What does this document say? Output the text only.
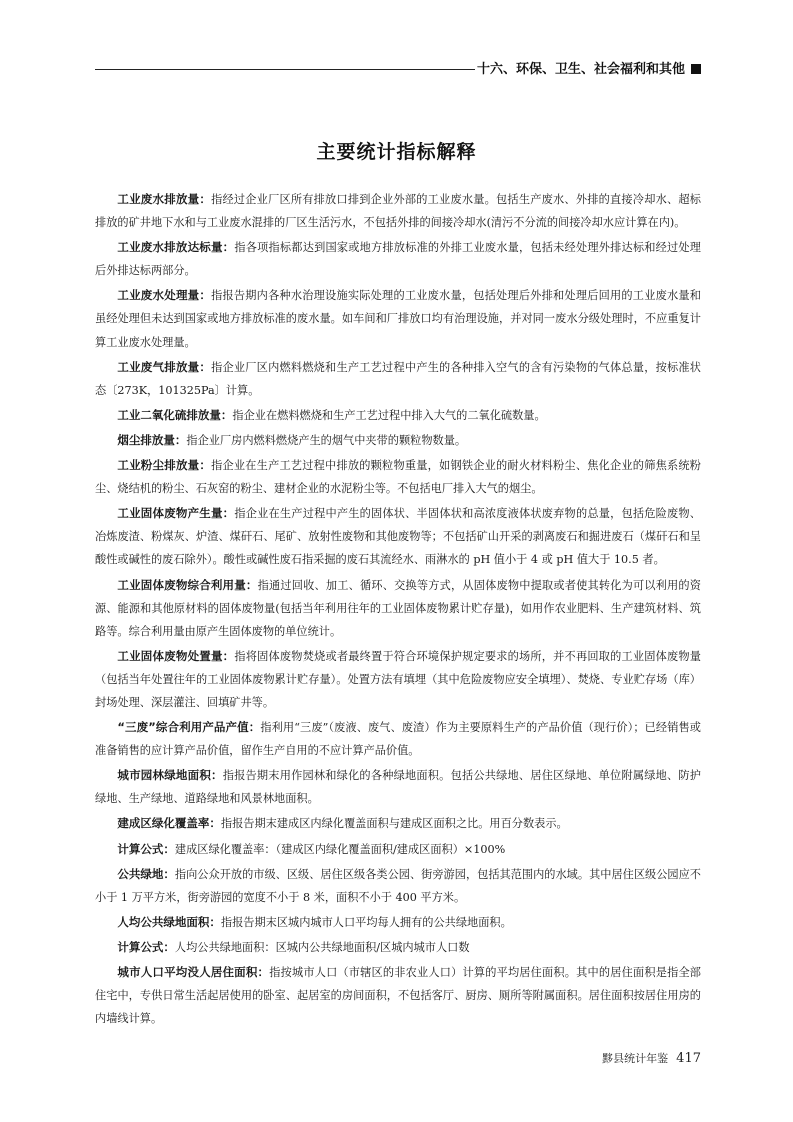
十六、环保、卫生、社会福利和其他
主要统计指标解释

工业废水排放量：指经过企业厂区所有排放口排到企业外部的工业废水量。包括生产废水、外排的直接冷却水、超标排放的矿井地下水和与工业废水混排的厂区生活污水，不包括外排的间接冷却水(清污不分流的间接冷却水应计算在内)。

工业废水排放达标量：指各项指标都达到国家或地方排放标准的外排工业废水量，包括未经处理外排达标和经过处理后外排达标两部分。

工业废水处理量：指报告期内各种水治理设施实际处理的工业废水量，包括处理后外排和处理后回用的工业废水量和虽经处理但未达到国家或地方排放标准的废水量。如车间和厂排放口均有治理设施，并对同一废水分级处理时，不应重复计算工业废水处理量。

工业废气排放量：指企业厂区内燃料燃烧和生产工艺过程中产生的各种排入空气的含有污染物的气体总量，按标准状态〔273K，101325Pa〕计算。

工业二氧化硫排放量：指企业在燃料燃烧和生产工艺过程中排入大气的二氧化硫数量。

烟尘排放量：指企业厂房内燃料燃烧产生的烟气中夹带的颗粒物数量。

工业粉尘排放量：指企业在生产工艺过程中排放的颗粒物重量，如钢铁企业的耐火材料粉尘、焦化企业的筛焦系统粉尘、烧结机的粉尘、石灰窑的粉尘、建材企业的水泥粉尘等。不包括电厂排入大气的烟尘。

工业固体废物产生量：指企业在生产过程中产生的固体状、半固体状和高浓度液体状废弃物的总量，包括危险废物、冶炼废渣、粉煤灰、炉渣、煤矸石、尾矿、放射性废物和其他废物等；不包括矿山开采的剥离废石和掘进废石（煤矸石和呈酸性或碱性的废石除外）。酸性或碱性废石指采掘的废石其流经水、雨淋水的 pH 值小于 4 或 pH 值大于 10.5 者。

工业固体废物综合利用量：指通过回收、加工、循环、交换等方式，从固体废物中提取或者使其转化为可以利用的资源、能源和其他原材料的固体废物量(包括当年利用往年的工业固体废物累计贮存量)，如用作农业肥料、生产建筑材料、筑路等。综合利用量由原产生固体废物的单位统计。

工业固体废物处置量：指将固体废物焚烧或者最终置于符合环境保护规定要求的场所，并不再回取的工业固体废物量（包括当年处置往年的工业固体废物累计贮存量）。处置方法有填埋（其中危险废物应安全填埋）、焚烧、专业贮存场（库）封场处理、深层灌注、回填矿井等。

“三废”综合利用产品产值：指利用“三废”（废液、废气、废渣）作为主要原料生产的产品价值（现行价）；已经销售或准备销售的应计算产品价值，留作生产自用的不应计算产品价值。

城市园林绿地面积：指报告期末用作园林和绿化的各种绿地面积。包括公共绿地、居住区绿地、单位附属绿地、防护绿地、生产绿地、道路绿地和风景林地面积。

建成区绿化覆盖率：指报告期末建成区内绿化覆盖面积与建成区面积之比。用百分数表示。

计算公式：建成区绿化覆盖率：（建成区内绿化覆盖面积/建成区面积）×100%

公共绿地：指向公众开放的市级、区级、居住区级各类公园、街旁游园，包括其范围内的水域。其中居住区级公园应不小于 1 万平方米，街旁游园的宽度不小于 8 米，面积不小于 400 平方米。

人均公共绿地面积：指报告期末区城内城市人口平均每人拥有的公共绿地面积。

计算公式：人均公共绿地面积：区城内公共绿地面积/区城内城市人口数

城市人口平均没人居住面积：指按城市人口（市辖区的非农业人口）计算的平均居住面积。其中的居住面积是指全部住宅中，专供日常生活起居使用的卧室、起居室的房间面积，不包括客厅、厨房、厕所等附属面积。居住面积按居住用房的内墙线计算。

黟县统计年鉴 417
